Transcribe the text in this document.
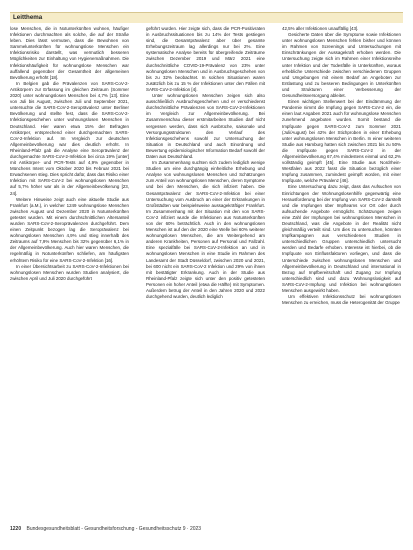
Leitthema

lose Menschen, die in Notunterkünften wohnen, häufiger Infektionen durchmachten als solche, die auf der Straße leben. Dies lässt vermuten, dass die Bewohnen von Sammelunterkünften für wohnungslose Menschen ein Infektionsrisiko darstellt, was vermutlich besseren Möglichkeiten zur Einhaltung von Hygienemaßnahmen. Die Infektionshäufigkeit für wohnungslose Menschen war auffallend gegenüber der Gesamtheit der allgemeinen Bevölkerung erhöht [18].

In Belgien gab die Prävalenzen von SARS-CoV-2-Antikörpern zur Erfassung im gleichen Zeitraum (Sommer 2020) unter wohnungslosen Menschen bei 4,7% [13]. Eine von Juli bis August, zwischen Juli und September 2021, untersuchte die SARS-CoV-2-Seroprävalenz unter Berliner Bevölkerung und stellte fest, dass die SARS-CoV-2-Infektionsgeschehen unter wohnungslosen Menschen in Deutschland. Hier waren etwa 15% der Befragten Antikörper, entsprechend einer durchgemachten SARS-CoV-2-Infektion auf. Im Vergleich zur deutschen Allgemeinbevölkerung war dies deutlich erhöht. In Rheinland-Pfalz gab die Analyse eine Seroprävalenz der durchgemachte SARS-CoV-2-Infektion bei circa 19% [unter] mit Antikörper- und PCR-Tests auf 4,9% gegenüber in Münchens Intent vom Oktober 2020 bis Februar 2021 bei Erwachsenen stieg. Dies spricht dafür, dass das Risiko einer Infektion mit SARS-CoV-2 bei wohnungslosen Menschen auf 5,7% höher war als in der Allgemeinbevölkerung [23, 24].

Weitere Hinweise zeigt auch eine aktuelle Studie aus Frankfurt (a.M.), in welcher 1249 wohnungslose Menschen zwischen August und Dezember 2020 in Notunterkünften getestet wurden. Mit einem durchschnittlichen Altersanteil wurden SARS-CoV-2-Seroprävalenzen durchgeführt. Dem einen Zeitpunkt bezogen lag die Seroprävalenz bei wohnungslosen Menschen 4,9% und stieg innerhalb des Zeitraums auf 7,9% Menschen bis 32% gegenüber 6,1% in der Allgemeinbevölkerung. Auch hier waren Menschen, die regelmäßig in Notunterkünften schliefen, am häufigsten erhöhtem Risiko für eine SARS-CoV-2-Infektion [16].

In einer Übersichtsarbeit zu SARS-CoV-2-Infektionen bei wohnungslosen Menschen wurden Studien analysiert, die zwischen April und Juli 2020 durchgeführt

geführt wurden. Hier zeigte sich, dass die PCR-Positivraten in Ausbruchssituationen bis zu 14% der Tests gestiegen sind, die Gesamtprävalenz aber über gesamte Erhebungszeitraum lag allerdings nur bei 2%. Eine systematische Analyse bereits für übergreifende Zeiträume zwischen Dezember 2019 und März 2021 eine durchschnittliche COVID-19-Prävalenz von 23% unter wohnungslosen Menschen und in Ausbruchsgeschehen von bis zu 32% beobachtet. In solchen Situationen waren zusätzlich bis zu 15 % der Infektionen unter den Fällen mit SARS-CoV-2-Infektion [4].

Unter wohnungslosen Menschen zeigen sich also ausschließlich Ausbruchsgeschehen und er verschiedenst durchschnittliche Prävalenzen von SARS-CoV-2-Infektionen im Vergleich zur Allgemeinbevölkerung. Bei Zusammenschau dieser erstmitarbeiten Studien darf nicht vergessen werden, dass sich Ausbrüche, saisonale und Versorgungsstrukturen den Verlauf des Infektionsgeschehens sowohl zur Untersuchung der Situation in Deutschland und auch Einordnung und Bewertung epidemiologischer Information Bedarf sowohl der Daten aus Deutschland.

Im Zusammenhang suchten sich zudem lediglich wenige Studien um eine durchgängig einheitliche Erhebung und Analyse von wohnungslosen Menschen und Schätzungen zum Anteil von wohnungslosen Menschen, deren Symptome und bei den Menschen, die sich infiziert haben. Die Gesamtprävalenz der SARS-CoV-2-Infektion bei einer Untersuchung vom Ausbruch an einer der Erkrankungen in Großstädten war beispielsweise aussagekräftiger Frankfurt. Im Zusammenhang mit der Situation mit den von SARS-CoV-2 infiziert wurde die Infektionen aus Notunterkünften von der 60% beträchtlich. Auch in den wohnungslosen Menschen ist auf den der 2020 eine Welle bei 60% weiterer wohnungslosen Menschen, die am Weitergehend am anderen Krankheiten, Personen auf Personal und Fallzahl. Eine spezialfälle bei SARS-CoV-2-Infektion an und in wohnungslosen Menschen in eine Studie im Rahmen des Landesamt der Stadt Düsseldorf, zwischen 2020 und 2021, bei 600 nicht ein SARS-CoV-2 Infektion und 29% von ihnen mit bestätigter Erkrankung. Auch in der Studie aus Rheinland-Pfalz zeigte sich unter den positiv getesteten Personen ein hoher Anteil (etwa die Hälfte) mit Symptomen. Außerdem betrug der Anteil in den Jahren 2020 und 2022 durchgehend wurden, deutlich lediglich

42,5% aller Infektionen unauffällig [43].

Gesicherte Daten über die Symptome sowie Infektionen unter wohnungslosen Menschen fehlen bisher und können im Rahmen von Screenings und Untersuchungen mit Einschränkungen der Aussagekraft erhoben werden. Die Untersuchung zeigte sich im Rahmen einer Infektionsreihe unter Infektion und der Todesfälle in Unterkünften, woraus erhebliche Unterschiede zwischen verschiedenen Gruppen und Umgebungen mit einem Bedarf an Angeboten zur Entlastung und zu besseren Bedingungen in Unterkünften und Strukturen einer Verbesserung der Gesundheitsversorgung ableitet.

Einen wichtigen Stellenwert bei der Eindämmung der Pandemie nimmt die Impfung gegen SARS-CoV-2 ein, die einen laut Angaben 2021 auch für wohnungslose Menschen zunehmend angeboten wurden. Somit bestand die Impfquote gegen SARS-CoV-2 zum Sommer 2021 (Juli/August) bei 42% der Stichproben in einer Erhebung unter wohnungslosen Menschen in Berlin. In einer weiteren Studie aus Hamburg hatten sich zwischen 2021 bis zu 50% die Impfquote gegen SARS-CoV-2 in der Allgemeinbevölkerung 67,4% mindestens einmal und 62,2% vollständig geimpft [45]. Eine Studie aus Nordrhein-Westfalen aus 2022 fasst die Situation bezüglich einer Impfung zusammen, zumindest geimpft worden, mit einer Impfquote, welche Prävalenz [46].

Eine Untersuchung dazu zeigt, dass das Aufsuchen von Einrichtungen der Wohnungslosenhilfe gegenwärtig eine Herausforderung bei der Impfung von SARS-CoV-2 darstellt und die Impfungen über Impfteams vor Ort oder durch aufsuchende Angebote ermöglicht. Schätzungen zeigen eine Zahl der Impfungen bei wohnungslosen Menschen in Deutschland, was die Angebote in der Realität nicht gleichmäßig verteilt sind. Um dies zu untersuchen, könnten Impfkampagnen aus verschiedenen Studien in unterschiedlichen Gruppen unterschiedlich untersucht werden und Bedarfe erhoben. Interesse ist hierbei, ob die Impfquote von Einflussfaktoren vorliegen, und dass die Unterschiede zwischen wohnungslosen Menschen und Allgemeinbevölkerung in Deutschland und international in Bezug auf Impfbereitschaft und Zugang zur Impfung unterschiedlich sind und dazu Wohnungslosigkeit auf SARS-CoV-2-Impfung und Infektion bei wohnungslosen Menschen ausgewirkt haben.

Um effektiven Infektionsschutz bei wohnungslosen Menschen zu erreichen, muss die Heterogenität der Gruppe

1220 Bundesgesundheitsblatt - Gesundheitsforschung - Gesundheitsschutz 9 · 2023
